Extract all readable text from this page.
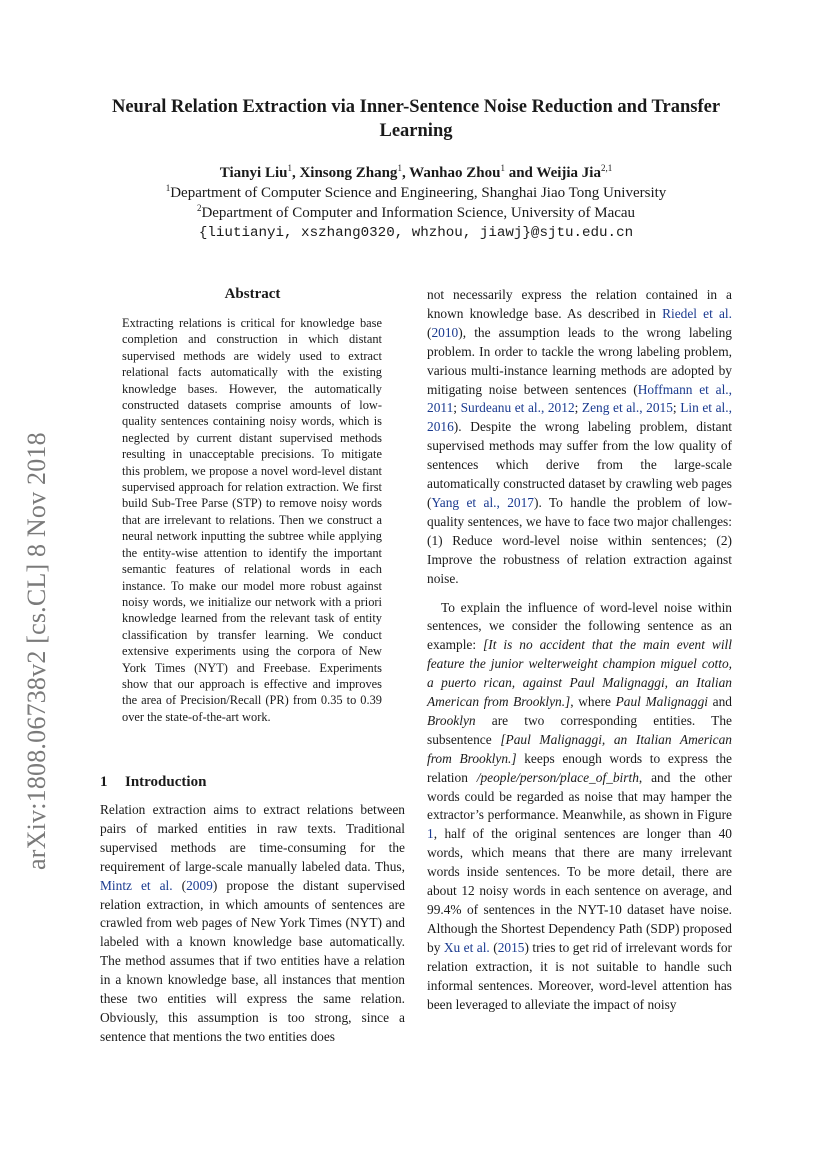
Neural Relation Extraction via Inner-Sentence Noise Reduction and Transfer Learning
Tianyi Liu$^1$, Xinsong Zhang$^1$, Wanhao Zhou$^1$ and Weijia Jia$^{2,1}$
$^1$Department of Computer Science and Engineering, Shanghai Jiao Tong University
$^2$Department of Computer and Information Science, University of Macau
{liutianyi, xszhang0320, whzhou, jiawj}@sjtu.edu.cn
arXiv:1808.06738v2 [cs.CL] 8 Nov 2018
Abstract
Extracting relations is critical for knowledge base completion and construction in which distant supervised methods are widely used to extract relational facts automatically with the existing knowledge bases. However, the automatically constructed datasets comprise amounts of low-quality sentences containing noisy words, which is neglected by current distant supervised methods resulting in unacceptable precisions. To mitigate this problem, we propose a novel word-level distant supervised approach for relation extraction. We first build Sub-Tree Parse (STP) to remove noisy words that are irrelevant to relations. Then we construct a neural network inputting the subtree while applying the entity-wise attention to identify the important semantic features of relational words in each instance. To make our model more robust against noisy words, we initialize our network with a priori knowledge learned from the relevant task of entity classification by transfer learning. We conduct extensive experiments using the corpora of New York Times (NYT) and Freebase. Experiments show that our approach is effective and improves the area of Precision/Recall (PR) from 0.35 to 0.39 over the state-of-the-art work.
1 Introduction
Relation extraction aims to extract relations between pairs of marked entities in raw texts. Traditional supervised methods are time-consuming for the requirement of large-scale manually labeled data. Thus, Mintz et al. (2009) propose the distant supervised relation extraction, in which amounts of sentences are crawled from web pages of New York Times (NYT) and labeled with a known knowledge base automatically. The method assumes that if two entities have a relation in a known knowledge base, all instances that mention these two entities will express the same relation. Obviously, this assumption is too strong, since a sentence that mentions the two entities does

not necessarily express the relation contained in a known knowledge base. As described in Riedel et al. (2010), the assumption leads to the wrong labeling problem. In order to tackle the wrong labeling problem, various multi-instance learning methods are adopted by mitigating noise between sentences (Hoffmann et al., 2011; Surdeanu et al., 2012; Zeng et al., 2015; Lin et al., 2016). Despite the wrong labeling problem, distant supervised methods may suffer from the low quality of sentences which derive from the large-scale automatically constructed dataset by crawling web pages (Yang et al., 2017). To handle the problem of low-quality sentences, we have to face two major challenges: (1) Reduce word-level noise within sentences; (2) Improve the robustness of relation extraction against noise.

To explain the influence of word-level noise within sentences, we consider the following sentence as an example: [It is no accident that the main event will feature the junior welterweight champion miguel cotto, a puerto rican, against Paul Malignaggi, an Italian American from Brooklyn.], where Paul Malignaggi and Brooklyn are two corresponding entities. The subsentence [Paul Malignaggi, an Italian American from Brooklyn.] keeps enough words to express the relation /people/person/place_of_birth, and the other words could be regarded as noise that may hamper the extractor’s performance. Meanwhile, as shown in Figure 1, half of the original sentences are longer than 40 words, which means that there are many irrelevant words inside sentences. To be more detail, there are about 12 noisy words in each sentence on average, and 99.4% of sentences in the NYT-10 dataset have noise. Although the Shortest Dependency Path (SDP) proposed by Xu et al. (2015) tries to get rid of irrelevant words for relation extraction, it is not suitable to handle such informal sentences. Moreover, word-level attention has been leveraged to alleviate the impact of noisy
